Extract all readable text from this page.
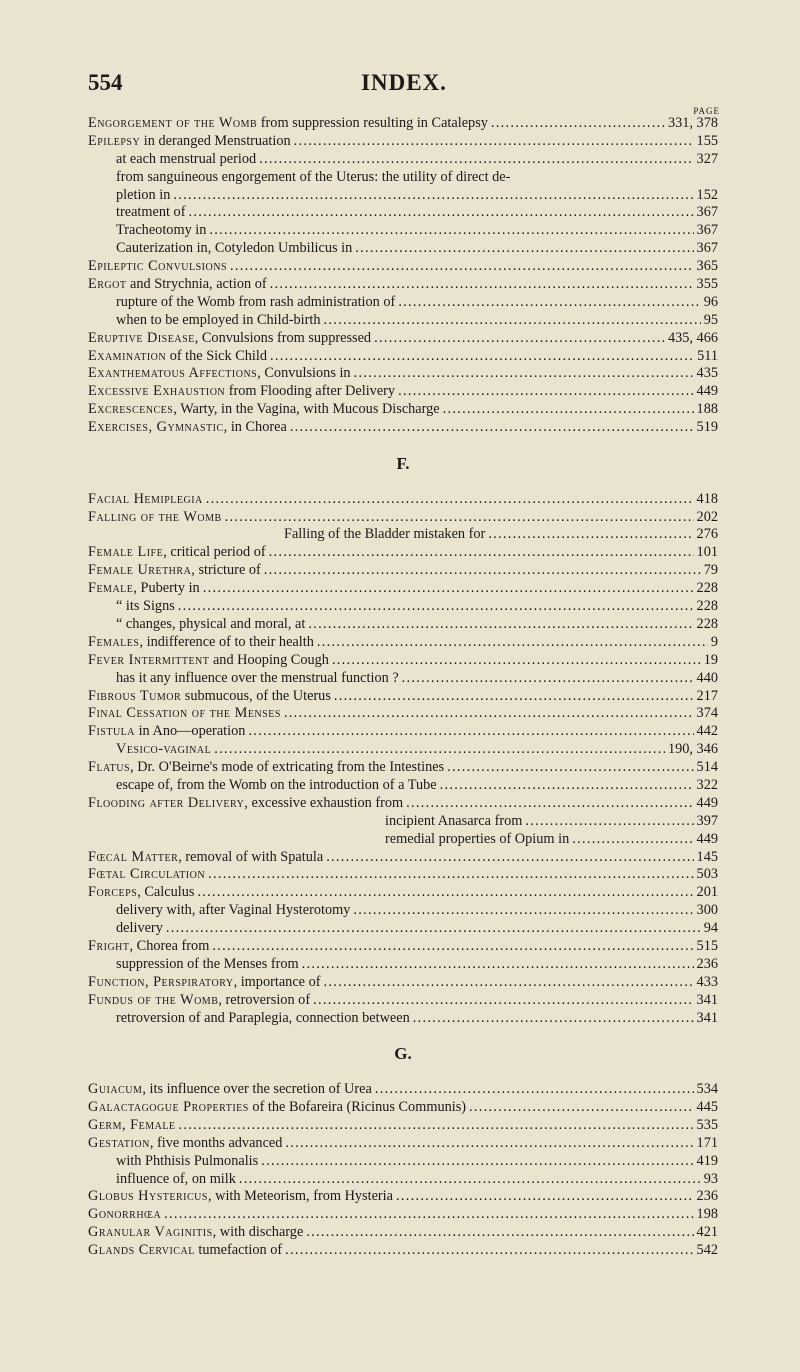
554	INDEX.
PAGE
Engorgement of the Womb from suppression resulting in Catalepsy .....	331, 378
Epilepsy in deranged Menstruation .....	155
at each menstrual period .....	327
from sanguineous engorgement of the Uterus: the utility of direct de-
pletion in .....	152
treatment of .....	367
Tracheotomy in .....	367
Cauterization in, Cotyledon Umbilicus in .....	367
Epileptic Convulsions .....	365
Ergot and Strychnia, action of .....	355
rupture of the Womb from rash administration of .....	96
when to be employed in Child-birth .....	95
Eruptive Disease, Convulsions from suppressed .....	435, 466
Examination of the Sick Child .....	511
Exanthematous Affections, Convulsions in .....	435
Excessive Exhaustion from Flooding after Delivery .....	449
Excrescences, Warty, in the Vagina, with Mucous Discharge .....	188
Exercises, Gymnastic, in Chorea .....	519
F.
Facial Hemiplegia .....	418
Falling of the Womb .....	202
Falling of the Bladder mistaken for .....	276
Female Life, critical period of .....	101
Female Urethra, stricture of .....	79
Female, Puberty in .....	228
“ its Signs .....	228
“ changes, physical and moral, at .....	228
Females, indifference of to their health .....	9
Fever Intermittent and Hooping Cough .....	19
has it any influence over the menstrual function ? .....	440
Fibrous Tumor submucous, of the Uterus .....	217
Final Cessation of the Menses .....	374
Fistula in Ano—operation .....	442
Vesico-vaginal .....	190, 346
Flatus, Dr. O'Beirne's mode of extricating from the Intestines .....	514
escape of, from the Womb on the introduction of a Tube .....	322
Flooding after Delivery, excessive exhaustion from .....	449
incipient Anasarca from .....	397
remedial properties of Opium in .....	449
Fœcal Matter, removal of with Spatula .....	145
Fœtal Circulation .....	503
Forceps, Calculus .....	201
delivery with, after Vaginal Hysterotomy .....	300
delivery .....	94
Fright, Chorea from .....	515
suppression of the Menses from .....	236
Function, Perspiratory, importance of .....	433
Fundus of the Womb, retroversion of .....	341
retroversion of and Paraplegia, connection between .....	341
G.
Guiacum, its influence over the secretion of Urea .....	534
Galactagogue Properties of the Bofareira (Ricinus Communis) .....	445
Germ, Female .....	535
Gestation, five months advanced .....	171
with Phthisis Pulmonalis .....	419
influence of, on milk .....	93
Globus Hystericus, with Meteorism, from Hysteria .....	236
Gonorrhœa .....	198
Granular Vaginitis, with discharge .....	421
Glands Cervical tumefaction of .....	542
